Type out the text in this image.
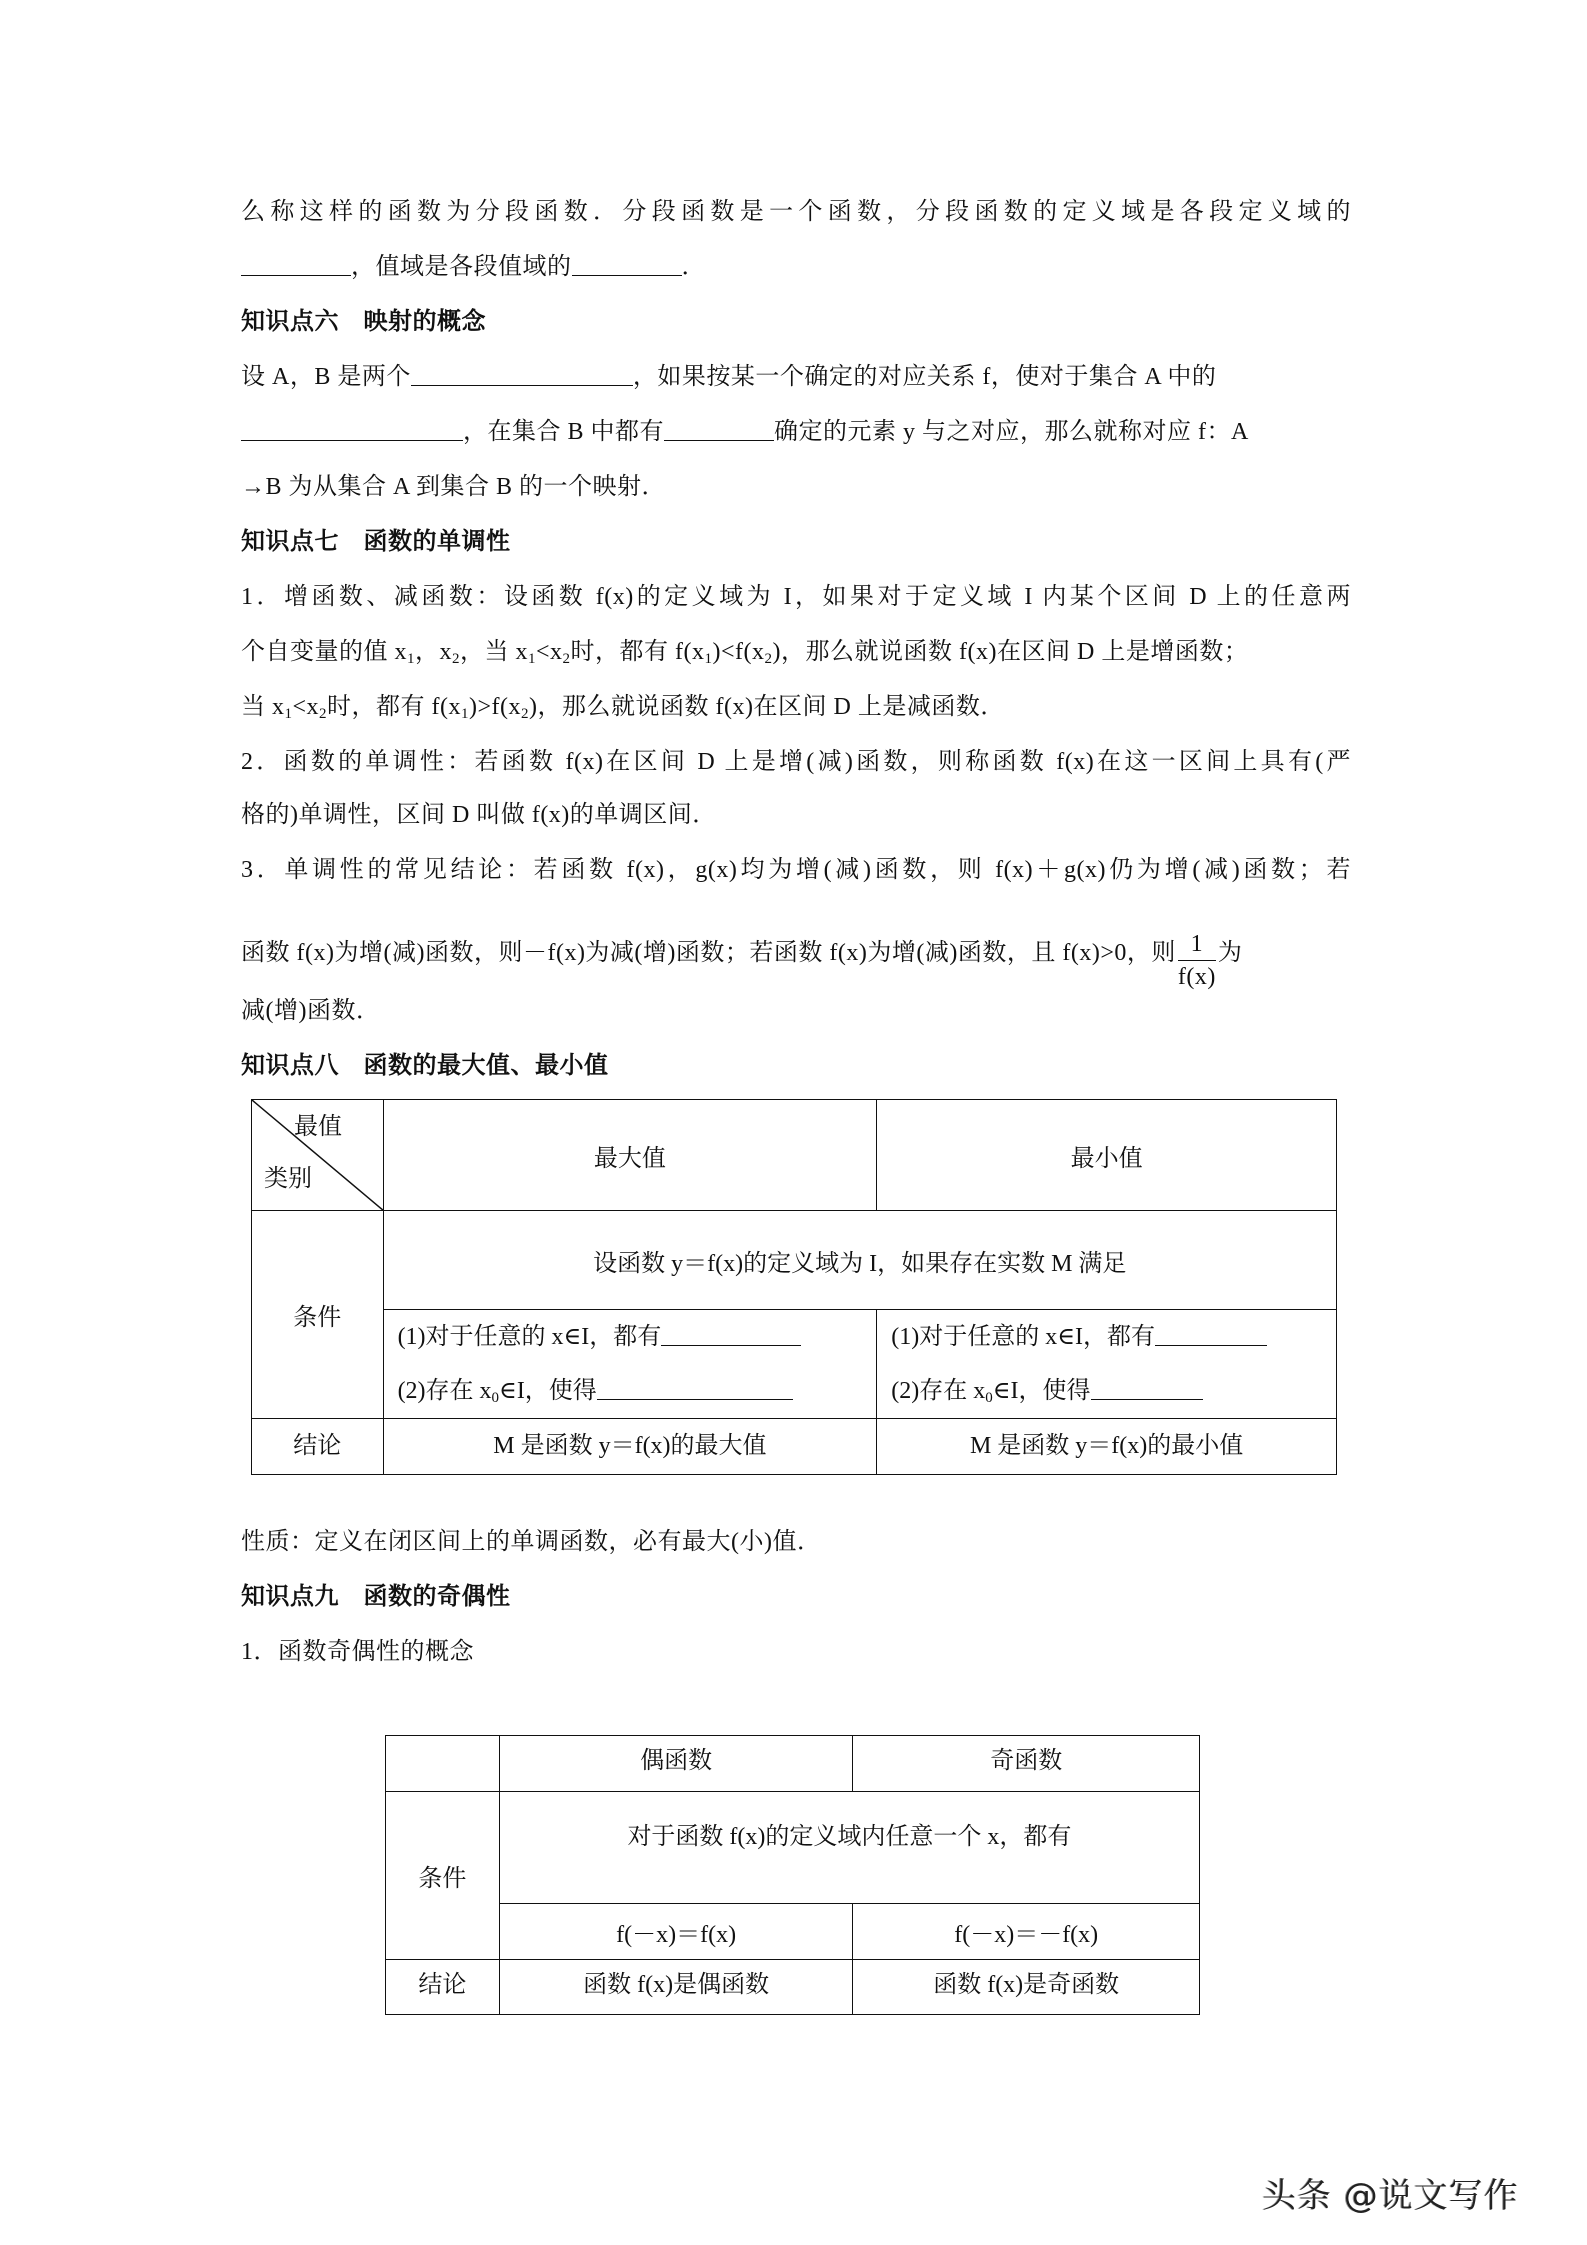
么称这样的函数为分段函数．分段函数是一个函数，分段函数的定义域是各段定义域的
，值域是各段值域的	．
知识点六　映射的概念
设 A，B 是两个	，如果按某一个确定的对应关系 f，使对于集合 A 中的
，在集合 B 中都有	确定的元素 y 与之对应，那么就称对应 f：A
→B 为从集合 A 到集合 B 的一个映射．
知识点七　函数的单调性
1．增函数、减函数：设函数 f(x)的定义域为 I，如果对于定义域 I 内某个区间 D 上的任意两
个自变量的值 $x_1$，$x_2$，当 $x_1<x_2$时，都有 $f(x_1)<f(x_2)$，那么就说函数 f(x)在区间 D 上是增函数；
当 $x_1<x_2$时，都有 $f(x_1)>f(x_2)$，那么就说函数 f(x)在区间 D 上是减函数．
2．函数的单调性：若函数 f(x)在区间 D 上是增(减)函数，则称函数 f(x)在这一区间上具有(严
格的)单调性，区间 D 叫做 f(x)的单调区间．
3．单调性的常见结论：若函数 f(x)，g(x)均为增(减)函数，则 f(x)＋g(x)仍为增(减)函数；若
函数 f(x)为增(减)函数，则－f(x)为减(增)函数；若函数 f(x)为增(减)函数，且 f(x)>0，则 $\frac{1}{f(x)}$ 为
减(增)函数．
知识点八　函数的最大值、最小值
最值
类别	最大值	最小值
条件	设函数 y＝f(x)的定义域为 I，如果存在实数 M 满足	

(1)对于任意的 x∈I，都有
(2)存在 $x_0\in I$，使得

(1)对于任意的 x∈I，都有
(2)存在 $x_0\in I$，使得

结论	M 是函数 y＝f(x)的最大值	M 是函数 y＝f(x)的最小值
性质：定义在闭区间上的单调函数，必有最大(小)值．
知识点九　函数的奇偶性
1．函数奇偶性的概念
	偶函数	奇函数
条件	对于函数 f(x)的定义域内任意一个 x，都有	
	f(－x)＝f(x)	f(－x)＝－f(x)
结论	函数 f(x)是偶函数	函数 f(x)是奇函数
头条 @说文写作
